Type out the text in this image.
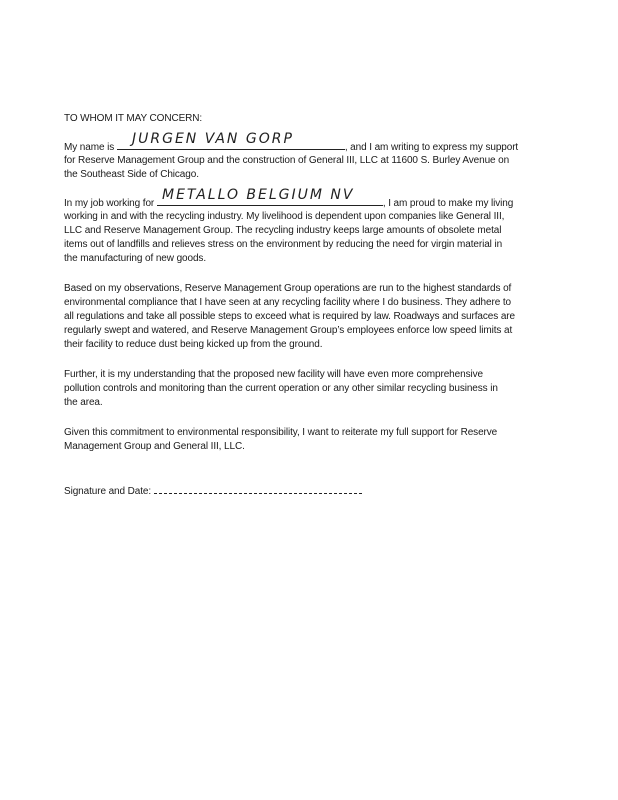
TO WHOM IT MAY CONCERN:
My name is	, and I am writing to express my support
JURGEN VAN GORP
for Reserve Management Group and the construction of General III, LLC at 11600 S. Burley Avenue on
the Southeast Side of Chicago.
In my job working for	, I am proud to make my living
METALLO BELGIUM NV
working in and with the recycling industry. My livelihood is dependent upon companies like General III,
LLC and Reserve Management Group. The recycling industry keeps large amounts of obsolete metal
items out of landfills and relieves stress on the environment by reducing the need for virgin material in
the manufacturing of new goods.
Based on my observations, Reserve Management Group operations are run to the highest standards of
environmental compliance that I have seen at any recycling facility where I do business. They adhere to
all regulations and take all possible steps to exceed what is required by law. Roadways and surfaces are
regularly swept and watered, and Reserve Management Group’s employees enforce low speed limits at
their facility to reduce dust being kicked up from the ground.
Further, it is my understanding that the proposed new facility will have even more comprehensive
pollution controls and monitoring than the current operation or any other similar recycling business in
the area.
Given this commitment to environmental responsibility, I want to reiterate my full support for Reserve
Management Group and General III, LLC.
Signature and Date:
